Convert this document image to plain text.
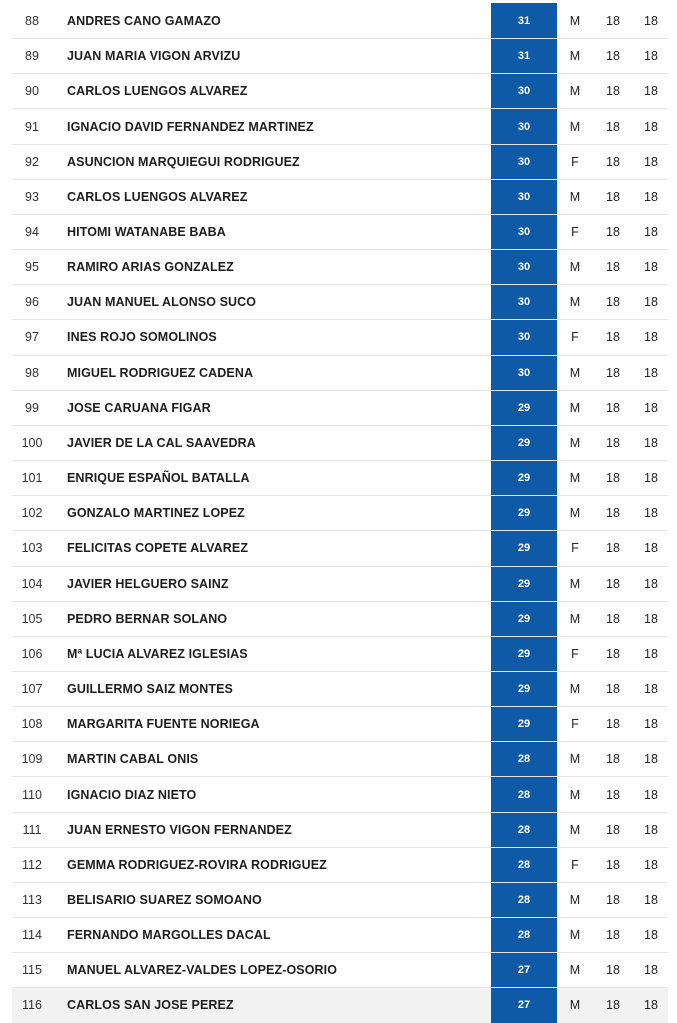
88	ANDRES CANO GAMAZO	31	M	18	18
89	JUAN MARIA VIGON ARVIZU	31	M	18	18
90	CARLOS LUENGOS ALVAREZ	30	M	18	18
91	IGNACIO DAVID FERNANDEZ MARTINEZ	30	M	18	18
92	ASUNCION MARQUIEGUI RODRIGUEZ	30	F	18	18
93	CARLOS LUENGOS ALVAREZ	30	M	18	18
94	HITOMI WATANABE BABA	30	F	18	18
95	RAMIRO ARIAS GONZALEZ	30	M	18	18
96	JUAN MANUEL ALONSO SUCO	30	M	18	18
97	INES ROJO SOMOLINOS	30	F	18	18
98	MIGUEL RODRIGUEZ CADENA	30	M	18	18
99	JOSE CARUANA FIGAR	29	M	18	18
100	JAVIER DE LA CAL SAAVEDRA	29	M	18	18
101	ENRIQUE ESPAÑOL BATALLA	29	M	18	18
102	GONZALO MARTINEZ LOPEZ	29	M	18	18
103	FELICITAS COPETE ALVAREZ	29	F	18	18
104	JAVIER HELGUERO SAINZ	29	M	18	18
105	PEDRO BERNAR SOLANO	29	M	18	18
106	Mª LUCIA ALVAREZ IGLESIAS	29	F	18	18
107	GUILLERMO SAIZ MONTES	29	M	18	18
108	MARGARITA FUENTE NORIEGA	29	F	18	18
109	MARTIN CABAL ONIS	28	M	18	18
110	IGNACIO DIAZ NIETO	28	M	18	18
111	JUAN ERNESTO VIGON FERNANDEZ	28	M	18	18
112	GEMMA RODRIGUEZ-ROVIRA RODRIGUEZ	28	F	18	18
113	BELISARIO SUAREZ SOMOANO	28	M	18	18
114	FERNANDO MARGOLLES DACAL	28	M	18	18
115	MANUEL ALVAREZ-VALDES LOPEZ-OSORIO	27	M	18	18
116	CARLOS SAN JOSE PEREZ	27	M	18	18
